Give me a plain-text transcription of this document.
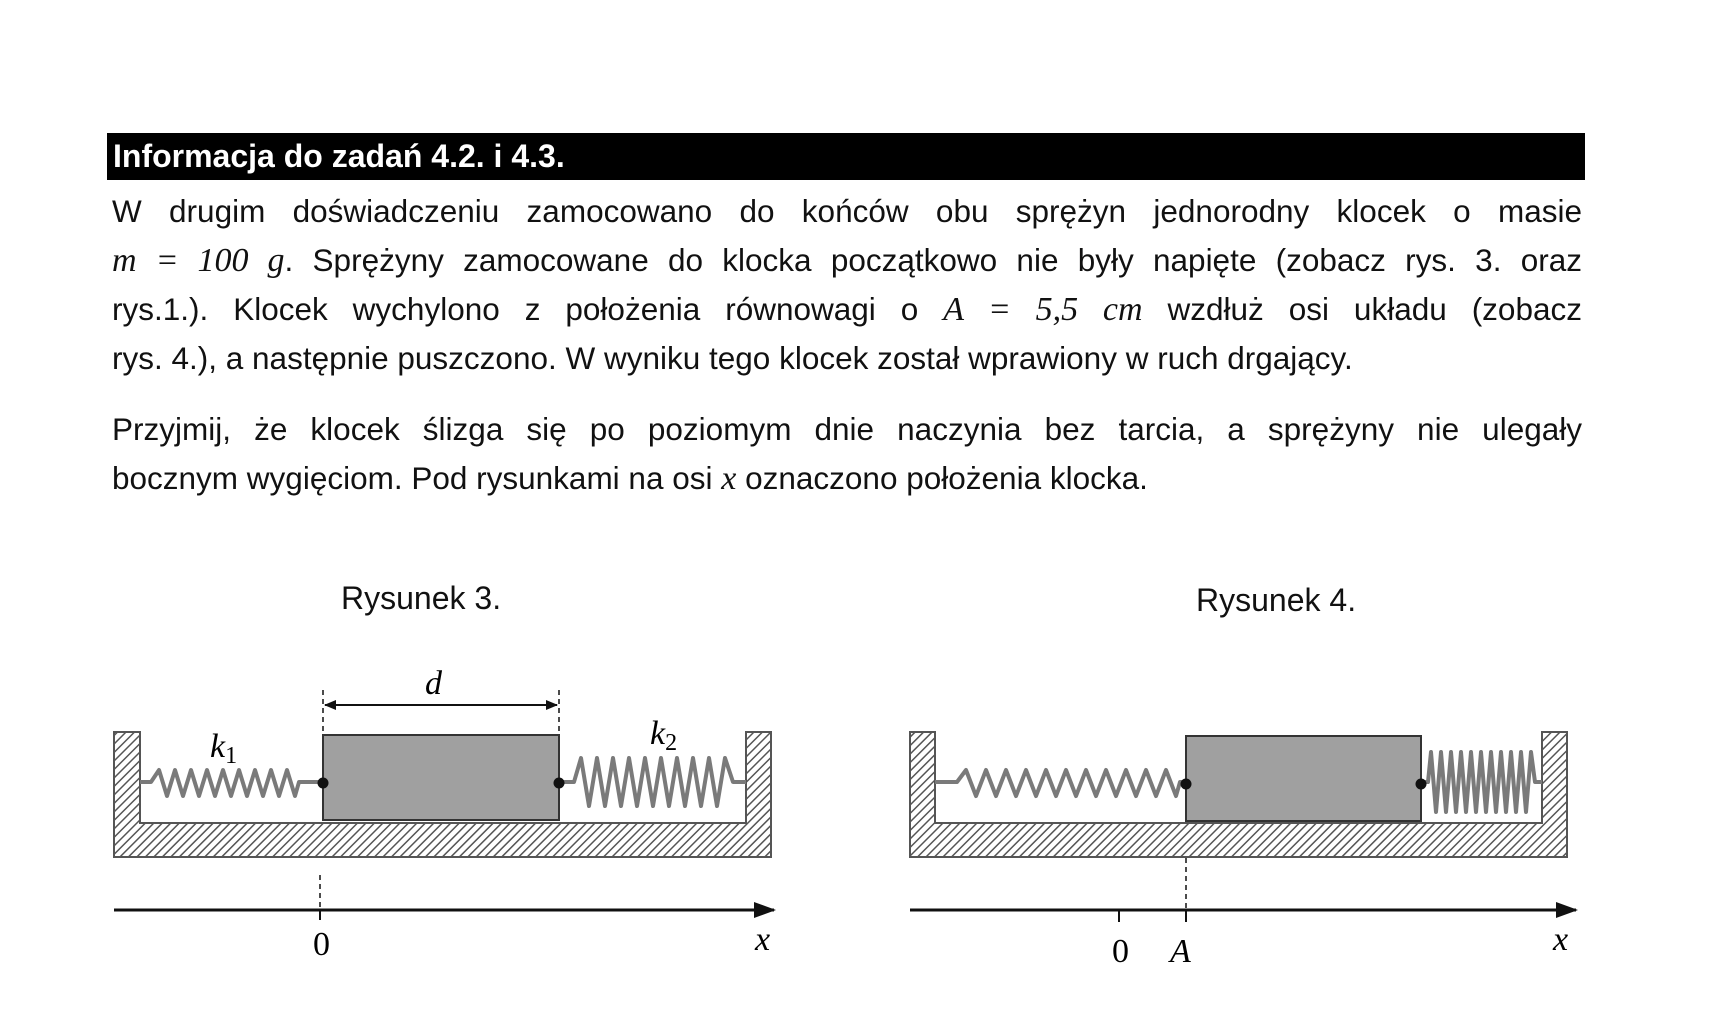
Informacja do zadań 4.2. i 4.3.
W drugim doświadczeniu zamocowano do końców obu sprężyn jednorodny klocek o masie
m = 100 g. Sprężyny zamocowane do klocka początkowo nie były napięte (zobacz rys. 3. oraz
rys.1.). Klocek wychylono z położenia równowagi o A = 5,5 cm wzdłuż osi układu (zobacz
rys. 4.), a następnie puszczono. W wyniku tego klocek został wprawiony w ruch drgający.
Przyjmij, że klocek ślizga się po poziomym dnie naczynia bez tarcia, a sprężyny nie ulegały
bocznym wygięciom. Pod rysunkami na osi x oznaczono położenia klocka.
Rysunek 3.	Rysunek 4.
d
k1
k2
0	x	0 A	x
